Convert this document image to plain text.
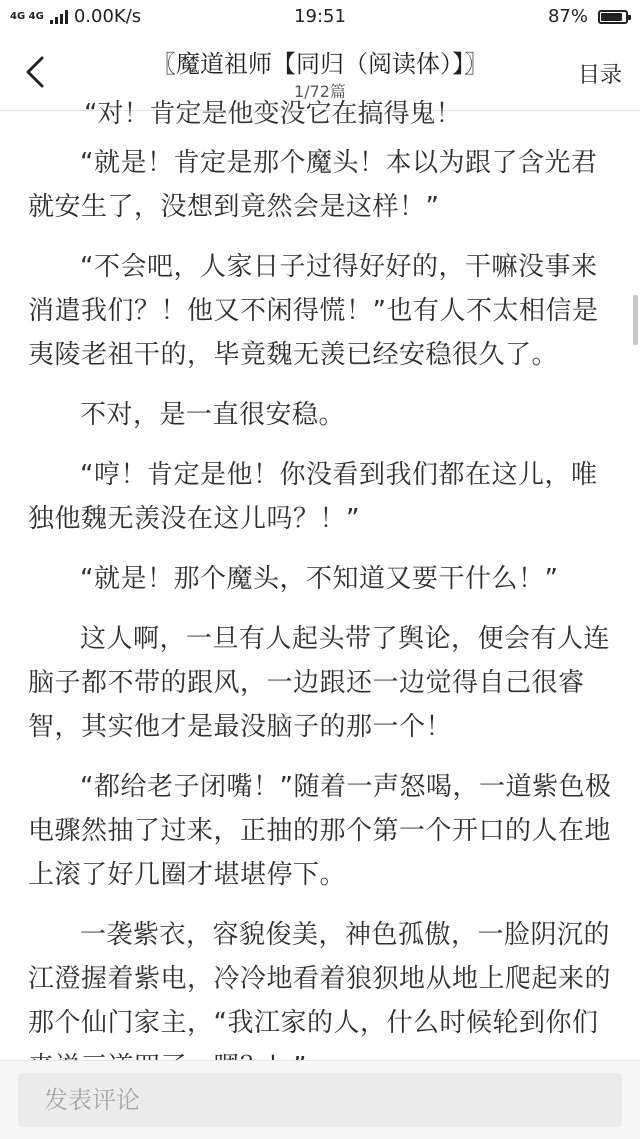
4G 4G 0.00K/s	19:51	87%
〖魔道祖师【同归（阅读体）】〗
1/72篇
目录
“对！肯定是他变没它在搞得鬼！

“就是！肯定是那个魔头！本以为跟了含光君就安生了，没想到竟然会是这样！”

“不会吧，人家日子过得好好的，干嘛没事来消遣我们？！他又不闲得慌！”也有人不太相信是夷陵老祖干的，毕竟魏无羡已经安稳很久了。

不对，是一直很安稳。

“哼！肯定是他！你没看到我们都在这儿，唯独他魏无羡没在这儿吗？！”

“就是！那个魔头，不知道又要干什么！”

这人啊，一旦有人起头带了舆论，便会有人连脑子都不带的跟风，一边跟还一边觉得自己很睿智，其实他才是最没脑子的那一个！

“都给老子闭嘴！”随着一声怒喝，一道紫色极电骤然抽了过来，正抽的那个第一个开口的人在地上滚了好几圈才堪堪停下。

一袭紫衣，容貌俊美，神色孤傲，一脸阴沉的江澄握着紫电，冷冷地看着狼狈地从地上爬起来的那个仙门家主，“我江家的人，什么时候轮到你们

发表评论
